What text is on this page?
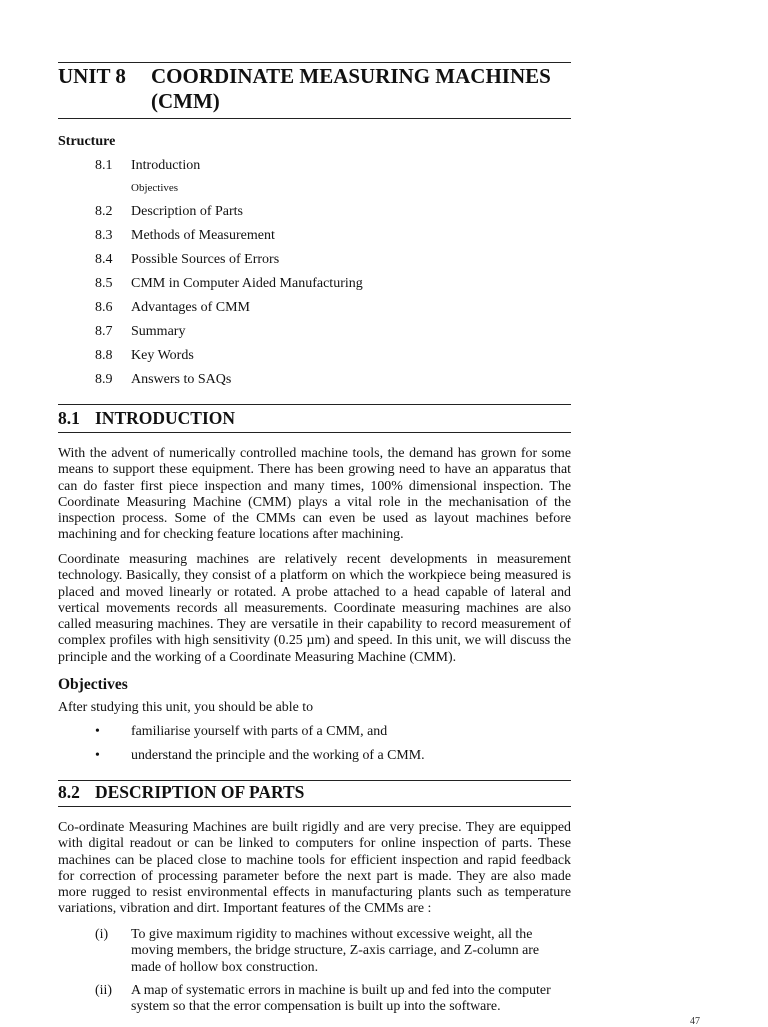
UNIT 8	COORDINATE MEASURING MACHINES (CMM)
Structure
8.1 Introduction
Objectives
8.2 Description of Parts
8.3 Methods of Measurement
8.4 Possible Sources of Errors
8.5 CMM in Computer Aided Manufacturing
8.6 Advantages of CMM
8.7 Summary
8.8 Key Words
8.9 Answers to SAQs
8.1 INTRODUCTION
With the advent of numerically controlled machine tools, the demand has grown for some means to support these equipment. There has been growing need to have an apparatus that can do faster first piece inspection and many times, 100% dimensional inspection. The Coordinate Measuring Machine (CMM) plays a vital role in the mechanisation of the inspection process. Some of the CMMs can even be used as layout machines before machining and for checking feature locations after machining.
Coordinate measuring machines are relatively recent developments in measurement technology. Basically, they consist of a platform on which the workpiece being measured is placed and moved linearly or rotated. A probe attached to a head capable of lateral and vertical movements records all measurements. Coordinate measuring machines are also called measuring machines. They are versatile in their capability to record measurement of complex profiles with high sensitivity (0.25 µm) and speed. In this unit, we will discuss the principle and the working of a Coordinate Measuring Machine (CMM).
Objectives
After studying this unit, you should be able to
• familiarise yourself with parts of a CMM, and
• understand the principle and the working of a CMM.
8.2 DESCRIPTION OF PARTS
Co-ordinate Measuring Machines are built rigidly and are very precise. They are equipped with digital readout or can be linked to computers for online inspection of parts. These machines can be placed close to machine tools for efficient inspection and rapid feedback for correction of processing parameter before the next part is made. They are also made more rugged to resist environmental effects in manufacturing plants such as temperature variations, vibration and dirt. Important features of the CMMs are :
(i) To give maximum rigidity to machines without excessive weight, all the moving members, the bridge structure, Z-axis carriage, and Z-column are made of hollow box construction.
(ii) A map of systematic errors in machine is built up and fed into the computer system so that the error compensation is built up into the software.
47
